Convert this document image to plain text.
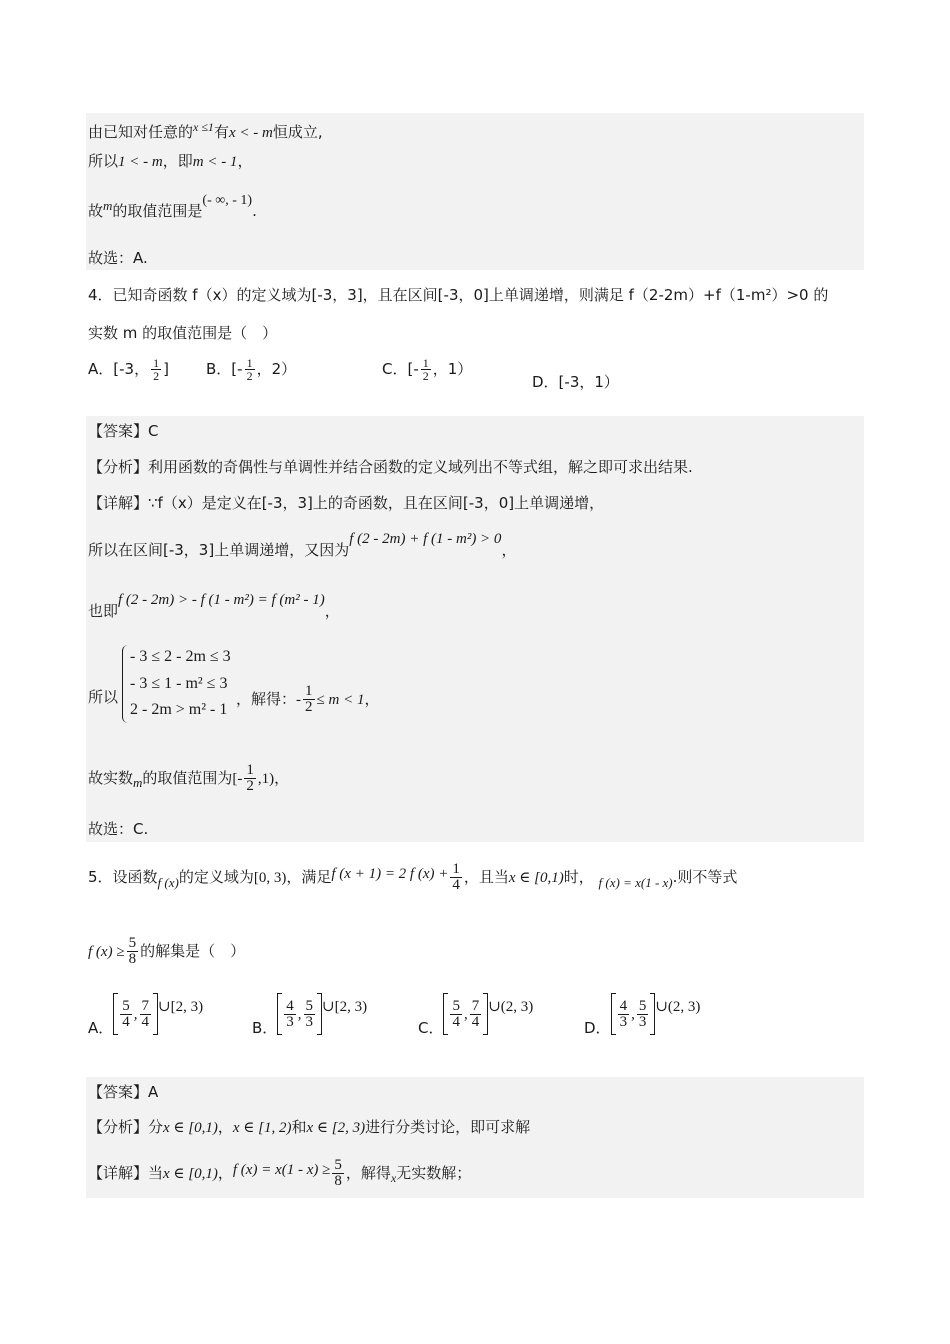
由已知对任意的$^{x \le 1}$有x < - m恒成立,
所以1 < - m，即m < - 1，
故$^m$的取值范围是(- ∞, - 1).
故选：A.
4．已知奇函数 f（x）的定义域为[-3，3]，且在区间[-3，0]上单调递增，则满足 f（2-2m）+f（1-m²）>0 的
实数 m 的取值范围是（　）
A．[-3， $\frac{1}{2}$ ] B．[- $\frac{1}{2}$ ，2）	C．[- $\frac{1}{2}$ ，1）
D．[-3，1）
【答案】C
【分析】利用函数的奇偶性与单调性并结合函数的定义域列出不等式组，解之即可求出结果.
【详解】∵f（x）是定义在[-3，3]上的奇函数，且在区间[-3，0]上单调递增，
所以在区间[-3，3]上单调递增，又因为f (2 - 2m) + f (1 - m²) > 0，
也即f (2 - 2m) > - f (1 - m²) = f (m² - 1)，
所以
- 3 ≤ 2 - 2m ≤ 3
- 3 ≤ 1 - m² ≤ 3
2 - 2m > m² - 1
，解得：- $\frac{1}{2} \le m < 1$，
故实数$_m$的取值范围为[- $\frac{1}{2} ,1$)，
故选：C.
5．设函数f (x)的定义域为[0, 3)，满足f (x + 1) = 2 f $(x) + \frac{1}{4}$ ，且当x ∈ [0,1)时， f (x) = x(1 - x).则不等式
f $(x) \ge \frac{5}{8}$ 的解集是（　）
A． $\frac{5}{4}$ , $\frac{7}{4}$ ∪[2, 3)
B． $\frac{4}{3}$ , $\frac{5}{3}$ ∪[2, 3)
C． $\frac{5}{4}$ , $\frac{7}{4}$ ∪(2, 3)
D． $\frac{4}{3}$ , $\frac{5}{3}$ ∪(2, 3)
【答案】A
【分析】分x ∈ [0,1)，x ∈ [1, 2)和x ∈ [2, 3)进行分类讨论，即可求解
【详解】当x ∈ [0,1)，f $(x) = x(1 - x) \ge \frac{5}{8}$ ，解得$_x$无实数解；
